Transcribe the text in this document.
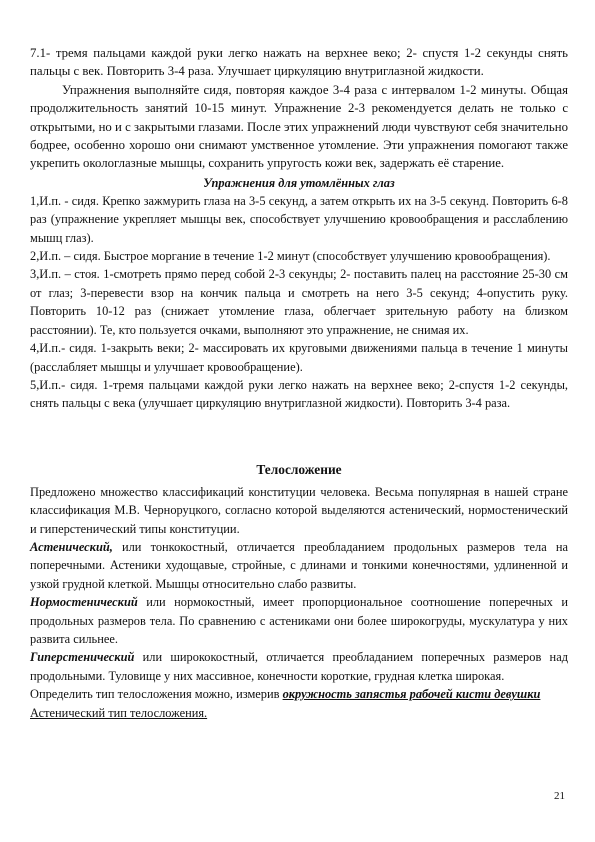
7.1- тремя пальцами каждой руки легко нажать на верхнее веко; 2- спустя 1-2 секунды снять пальцы с век. Повторить 3-4 раза. Улучшает циркуляцию внутриглазной жидкости.

Упражнения выполняйте сидя, повторяя каждое 3-4 раза с интервалом 1-2 минуты. Общая продолжительность занятий 10-15 минут. Упражнение 2-3 рекомендуется делать не только с открытыми, но и с закрытыми глазами. После этих упражнений люди чувствуют себя значительно бодрее, особенно хорошо они снимают умственное утомление. Эти упражнения помогают также укрепить окологлазные мышцы, сохранить упругость кожи век, задержать её старение.

Упражнения для утомлённых глаз

1,И.п. - сидя. Крепко зажмурить глаза на 3-5 секунд, а затем открыть их на 3-5 секунд. Повторить 6-8 раз (упражнение укрепляет мышцы век, способствует улучшению кровообращения и расслаблению мышц глаз).

2,И.п. – сидя. Быстрое моргание в течение 1-2 минут (способствует улучшению кровообращения).

3,И.п. – стоя. 1-смотреть прямо перед собой 2-3 секунды; 2- поставить палец на расстояние 25-30 см от глаз; 3-перевести взор на кончик пальца и смотреть на него 3-5 секунд; 4-опустить руку. Повторить 10-12 раз (снижает утомление глаза, облегчает зрительную работу на близком расстоянии). Те, кто пользуется очками, выполняют это упражнение, не снимая их.

4,И.п.- сидя. 1-закрыть веки; 2- массировать их круговыми движениями пальца в течение 1 минуты (расслабляет мышцы и улучшает кровообращение).

5,И.п.- сидя. 1-тремя пальцами каждой руки легко нажать на верхнее веко; 2-спустя 1-2 секунды, снять пальцы с века (улучшает циркуляцию внутриглазной жидкости). Повторить 3-4 раза.

Телосложение

Предложено множество классификаций конституции человека. Весьма популярная в нашей стране классификация М.В. Черноруцкого, согласно которой выделяются астенический, нормостенический и гиперстенический типы конституции.

Астенический, или тонкокостный, отличается преобладанием продольных размеров тела на поперечными. Астеники худощавые, стройные, с длинами и тонкими конечностями, удлиненной и узкой грудной клеткой. Мышцы относительно слабо развиты.

Нормостенический или нормокостный, имеет пропорциональное соотношение поперечных и продольных размеров тела. По сравнению с астениками они более широкогруды, мускулатура у них развита сильнее.

Гиперстенический или ширококостный, отличается преобладанием поперечных размеров над продольными. Туловище у них массивное, конечности короткие, грудная клетка широкая.

Определить тип телосложения можно, измерив окружность запястья рабочей кисти девушки

Астенический тип телосложения.

21
